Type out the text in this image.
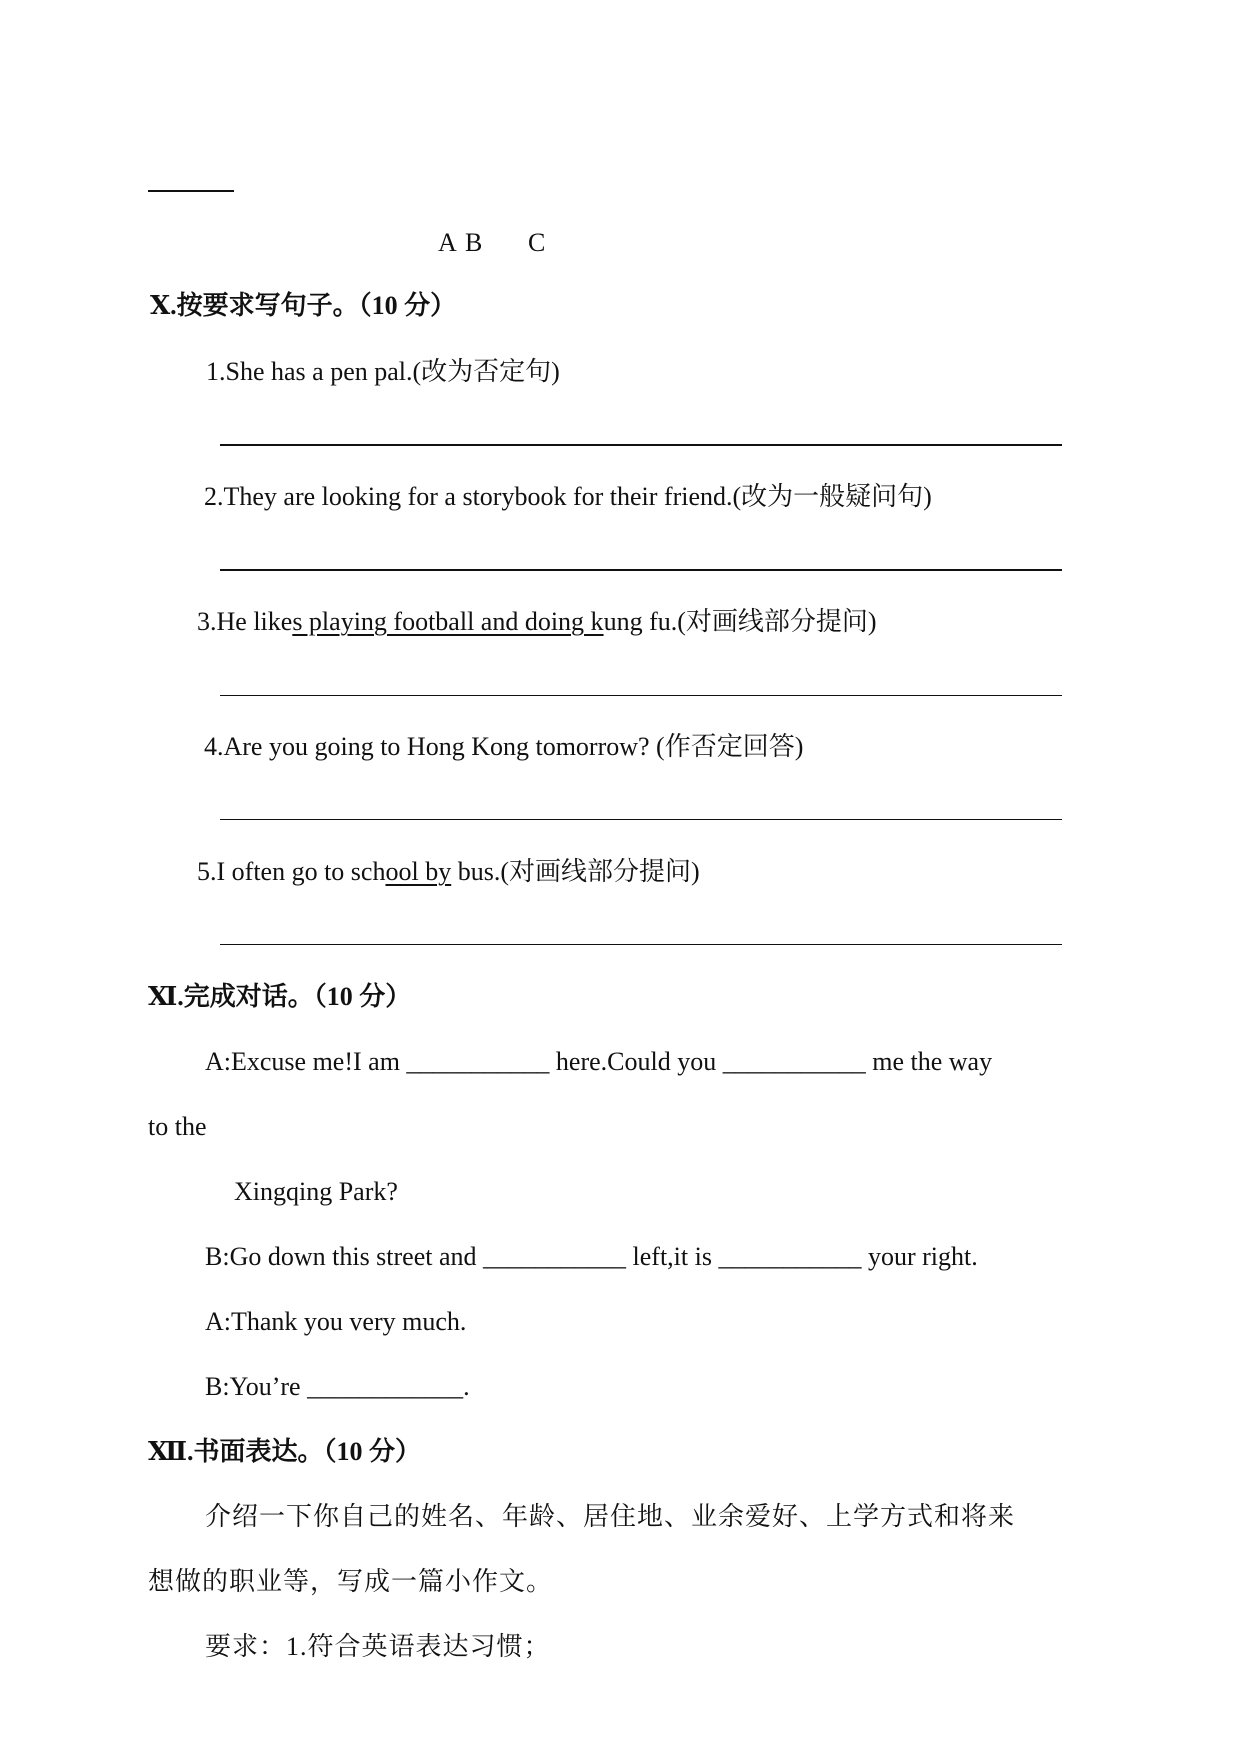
A B C
Ⅹ.按要求写句子。（10 分）
1.She has a pen pal.(改为否定句)
2.They are looking for a storybook for their friend.(改为一般疑问句)
3.He likes playing football and doing kung fu.(对画线部分提问)
4.Are you going to Hong Kong tomorrow? (作否定回答)
5.I often go to school by bus.(对画线部分提问)
Ⅺ.完成对话。（10 分）
A:Excuse me!I am ___________ here.Could you ___________ me the way
to the
Xingqing Park?
B:Go down this street and ___________ left,it is ___________ your right.
A:Thank you very much.
B:You’re ____________.
Ⅻ.书面表达。（10 分）
介绍一下你自己的姓名、年龄、居住地、业余爱好、上学方式和将来
想做的职业等，写成一篇小作文。
要求：1.符合英语表达习惯；
